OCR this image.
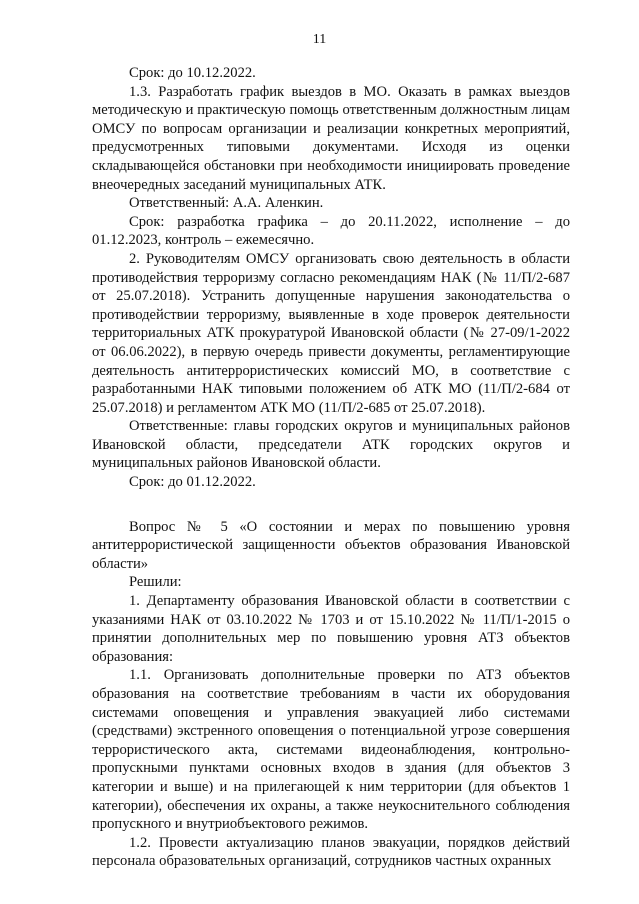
11

Срок: до 10.12.2022.

1.3. Разработать график выездов в МО. Оказать в рамках выездов методическую и практическую помощь ответственным должностным лицам ОМСУ по вопросам организации и реализации конкретных мероприятий, предусмотренных типовыми документами. Исходя из оценки складывающейся обстановки при необходимости инициировать проведение внеочередных заседаний муниципальных АТК.

Ответственный: А.А. Аленкин.

Срок: разработка графика – до 20.11.2022, исполнение – до 01.12.2023, контроль – ежемесячно.

2. Руководителям ОМСУ организовать свою деятельность в области противодействия терроризму согласно рекомендациям НАК (№ 11/П/2-687 от 25.07.2018). Устранить допущенные нарушения законодательства о противодействии терроризму, выявленные в ходе проверок деятельности территориальных АТК прокуратурой Ивановской области (№ 27-09/1-2022 от 06.06.2022), в первую очередь привести документы, регламентирующие деятельность антитеррористических комиссий МО, в соответствие с разработанными НАК типовыми положением об АТК МО (11/П/2-684 от 25.07.2018) и регламентом АТК МО (11/П/2-685 от 25.07.2018).

Ответственные: главы городских округов и муниципальных районов Ивановской области, председатели АТК городских округов и муниципальных районов Ивановской области.

Срок: до 01.12.2022.

Вопрос № 5 «О состоянии и мерах по повышению уровня антитеррористической защищенности объектов образования Ивановской области»

Решили:

1. Департаменту образования Ивановской области в соответствии с указаниями НАК от 03.10.2022 № 1703 и от 15.10.2022 № 11/П/1-2015 о принятии дополнительных мер по повышению уровня АТЗ объектов образования:

1.1. Организовать дополнительные проверки по АТЗ объектов образования на соответствие требованиям в части их оборудования системами оповещения и управления эвакуацией либо системами (средствами) экстренного оповещения о потенциальной угрозе совершения террористического акта, системами видеонаблюдения, контрольно-пропускными пунктами основных входов в здания (для объектов 3 категории и выше) и на прилегающей к ним территории (для объектов 1 категории), обеспечения их охраны, а также неукоснительного соблюдения пропускного и внутриобъектового режимов.

1.2. Провести актуализацию планов эвакуации, порядков действий персонала образовательных организаций, сотрудников частных охранных
